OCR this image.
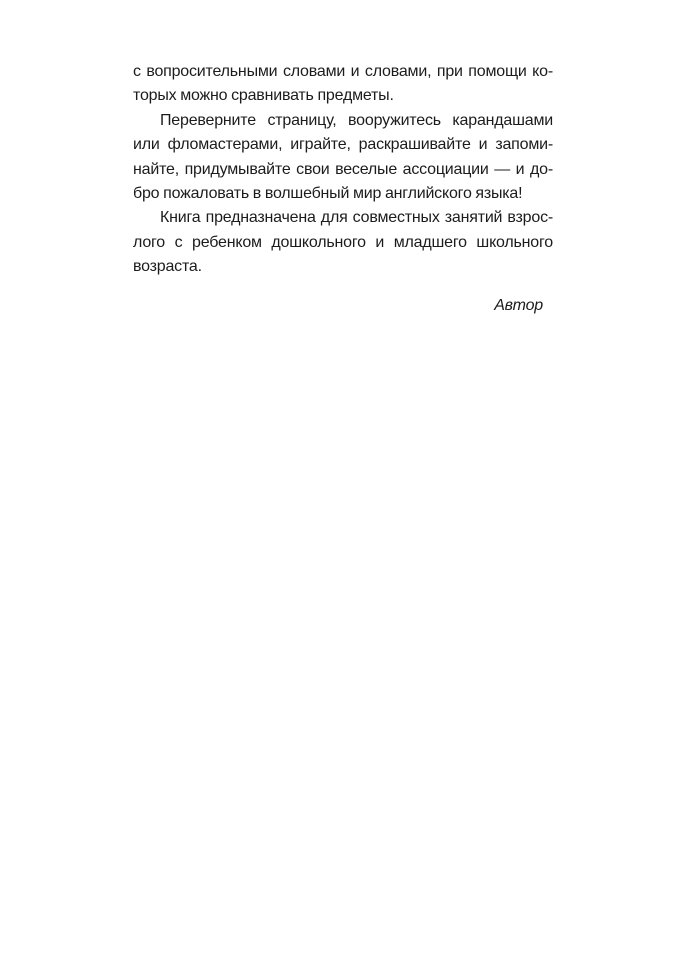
с вопросительными словами и словами, при помощи ко-

торых можно сравнивать предметы.

Переверните страницу, вооружитесь карандашами

или фломастерами, играйте, раскрашивайте и запоми-

найте, придумывайте свои веселые ассоциации — и до-

бро пожаловать в волшебный мир английского языка!

Книга предназначена для совместных занятий взрос-

лого с ребенком дошкольного и младшего школьного

возраста.

Автор
